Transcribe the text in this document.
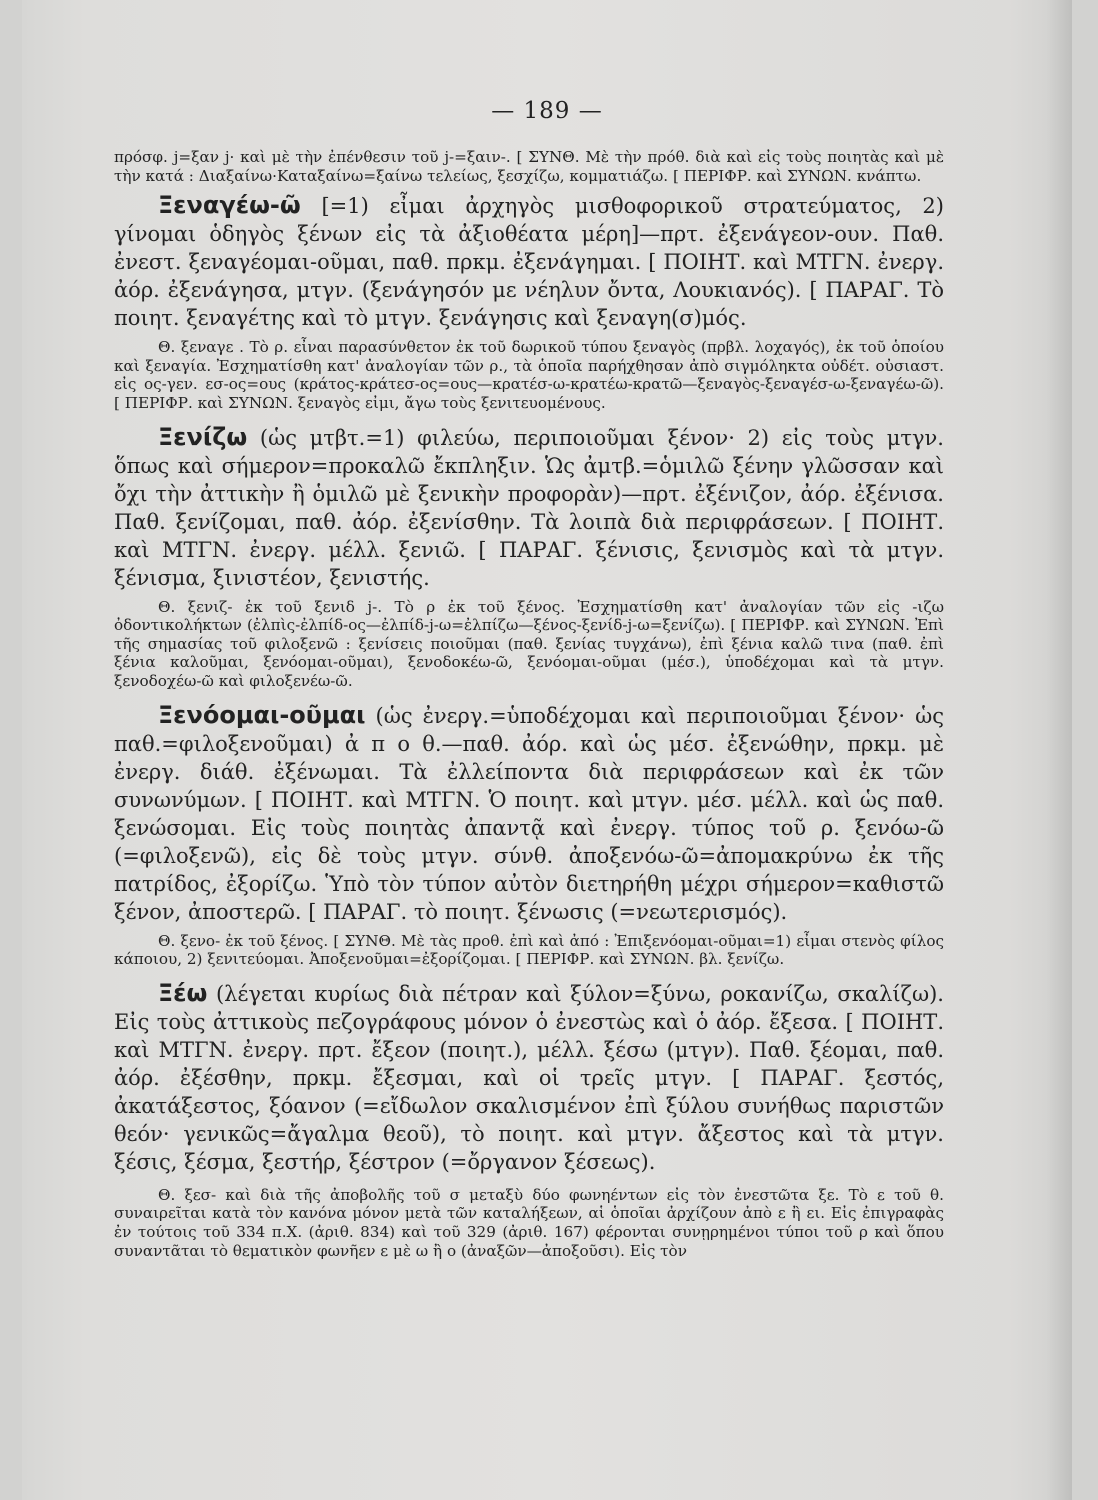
— 189 —

πρόσφ. j=ξαν j· καὶ μὲ τὴν ἐπένθεσιν τοῦ j-=ξαιν-. [ ΣΥΝΘ. Μὲ τὴν πρόθ. διὰ καὶ εἰς τοὺς ποιητὰς καὶ μὲ τὴν κατά : Διαξαίνω·Καταξαίνω=ξαίνω τελείως, ξεσχίζω, κομματιάζω. [ ΠΕΡΙΦΡ. καὶ ΣΥΝΩΝ. κνάπτω.

Ξεναγέω-ῶ [=1) εἶμαι ἀρχηγὸς μισθοφορικοῦ στρατεύματος, 2) γίνομαι ὁδηγὸς ξένων εἰς τὰ ἀξιοθέατα μέρη]—πρτ. ἐξενάγεον-ουν. Παθ. ἐνεστ. ξεναγέομαι-οῦμαι, παθ. πρκμ. ἐξενάγημαι. [ ΠΟΙΗΤ. καὶ ΜΤΓΝ. ἐνεργ. ἀόρ. ἐξενάγησα, μτγν. (ξενάγησόν με νέηλυν ὄντα, Λουκιανός). [ ΠΑΡΑΓ. Τὸ ποιητ. ξεναγέτης καὶ τὸ μτγν. ξενάγησις καὶ ξεναγη(σ)μός.

Θ. ξεναγε . Τὸ ρ. εἶναι παρασύνθετον ἐκ τοῦ δωρικοῦ τύπου ξεναγὸς (πρβλ. λοχαγός), ἐκ τοῦ ὁποίου καὶ ξεναγία. Ἐσχηματίσθη κατ' ἀναλογίαν τῶν ρ., τὰ ὁποῖα παρήχθησαν ἀπὸ σιγμόληκτα οὐδέτ. οὐσιαστ. εἰς ος-γεν. εσ-ος=ους (κράτος-κράτεσ-ος=ους—κρατέσ-ω-κρατέω-κρατῶ—ξεναγὸς-ξεναγέσ-ω-ξεναγέω-ῶ). [ ΠΕΡΙΦΡ. καὶ ΣΥΝΩΝ. ξεναγὸς εἰμι, ἄγω τοὺς ξενιτευομένους.

Ξενίζω (ὡς μτβτ.=1) φιλεύω, περιποιοῦμαι ξένον· 2) εἰς τοὺς μτγν. ὅπως καὶ σήμερον=προκαλῶ ἔκπληξιν. Ὡς ἀμτβ.=ὁμιλῶ ξένην γλῶσσαν καὶ ὄχι τὴν ἀττικὴν ἢ ὁμιλῶ μὲ ξενικὴν προφορὰν)—πρτ. ἐξένιζον, ἀόρ. ἐξένισα. Παθ. ξενίζομαι, παθ. ἀόρ. ἐξενίσθην. Τὰ λοιπὰ διὰ περιφράσεων. [ ΠΟΙΗΤ. καὶ ΜΤΓΝ. ἐνεργ. μέλλ. ξενιῶ. [ ΠΑΡΑΓ. ξένισις, ξενισμὸς καὶ τὰ μτγν. ξένισμα, ξινιστέον, ξενιστής.

Θ. ξενιζ- ἐκ τοῦ ξενιδ j-. Τὸ ρ ἐκ τοῦ ξένος. Ἐσχηματίσθη κατ' ἀναλογίαν τῶν εἰς -ιζω ὀδοντικολήκτων (ἐλπὶς-ἐλπίδ-ος—ἐλπίδ-j-ω=ἐλπίζω—ξένος-ξενίδ-j-ω=ξενίζω). [ ΠΕΡΙΦΡ. καὶ ΣΥΝΩΝ. Ἐπὶ τῆς σημασίας τοῦ φιλοξενῶ : ξενίσεις ποιοῦμαι (παθ. ξενίας τυγχάνω), ἐπὶ ξένια καλῶ τινα (παθ. ἐπὶ ξένια καλοῦμαι, ξενόομαι-οῦμαι), ξενοδοκέω-ῶ, ξενόομαι-οῦμαι (μέσ.), ὑποδέχομαι καὶ τὰ μτγν. ξενοδοχέω-ῶ καὶ φιλοξενέω-ῶ.

Ξενόομαι-οῦμαι (ὡς ἐνεργ.=ὑποδέχομαι καὶ περιποιοῦμαι ξένον· ὡς παθ.=φιλοξενοῦμαι) ἀ π ο θ.—παθ. ἀόρ. καὶ ὡς μέσ. ἐξενώθην, πρκμ. μὲ ἐνεργ. διάθ. ἐξένωμαι. Τὰ ἐλλείποντα διὰ περιφράσεων καὶ ἐκ τῶν συνωνύμων. [ ΠΟΙΗΤ. καὶ ΜΤΓΝ. Ὁ ποιητ. καὶ μτγν. μέσ. μέλλ. καὶ ὡς παθ. ξενώσομαι. Εἰς τοὺς ποιητὰς ἀπαντᾷ καὶ ἐνεργ. τύπος τοῦ ρ. ξενόω-ῶ (=φιλοξενῶ), εἰς δὲ τοὺς μτγν. σύνθ. ἀποξενόω-ῶ=ἀπομακρύνω ἐκ τῆς πατρίδος, ἐξορίζω. Ὑπὸ τὸν τύπον αὐτὸν διετηρήθη μέχρι σήμερον=καθιστῶ ξένον, ἀποστερῶ. [ ΠΑΡΑΓ. τὸ ποιητ. ξένωσις (=νεωτερισμός).

Θ. ξενο- ἐκ τοῦ ξένος. [ ΣΥΝΘ. Μὲ τὰς προθ. ἐπὶ καὶ ἀπό : Ἐπιξενόομαι-οῦμαι=1) εἶμαι στενὸς φίλος κάποιου, 2) ξενιτεύομαι. Ἀποξενοῦμαι=ἐξορίζομαι. [ ΠΕΡΙΦΡ. καὶ ΣΥΝΩΝ. βλ. ξενίζω.

Ξέω (λέγεται κυρίως διὰ πέτραν καὶ ξύλον=ξύνω, ροκανίζω, σκαλίζω). Εἰς τοὺς ἀττικοὺς πεζογράφους μόνον ὁ ἐνεστὼς καὶ ὁ ἀόρ. ἔξεσα. [ ΠΟΙΗΤ. καὶ ΜΤΓΝ. ἐνεργ. πρτ. ἔξεον (ποιητ.), μέλλ. ξέσω (μτγν). Παθ. ξέομαι, παθ. ἀόρ. ἐξέσθην, πρκμ. ἔξεσμαι, καὶ οἱ τρεῖς μτγν. [ ΠΑΡΑΓ. ξεστός, ἀκατάξεστος, ξόανον (=εἴδωλον σκαλισμένον ἐπὶ ξύλου συνήθως παριστῶν θεόν· γενικῶς=ἄγαλμα θεοῦ), τὸ ποιητ. καὶ μτγν. ἄξεστος καὶ τὰ μτγν. ξέσις, ξέσμα, ξεστήρ, ξέστρον (=ὄργανον ξέσεως).

Θ. ξεσ- καὶ διὰ τῆς ἀποβολῆς τοῦ σ μεταξὺ δύο φωνηέντων εἰς τὸν ἐνεστῶτα ξε. Τὸ ε τοῦ θ. συναιρεῖται κατὰ τὸν κανόνα μόνον μετὰ τῶν καταλήξεων, αἱ ὁποῖαι ἀρχίζουν ἀπὸ ε ἢ ει. Εἰς ἐπιγραφὰς ἐν τούτοις τοῦ 334 π.Χ. (ἀριθ. 834) καὶ τοῦ 329 (ἀριθ. 167) φέρονται συνῃρημένοι τύποι τοῦ ρ καὶ ὅπου συναντᾶται τὸ θεματικὸν φωνῆεν ε μὲ ω ἢ ο (ἀναξῶν—ἀποξοῦσι). Εἰς τὸν
